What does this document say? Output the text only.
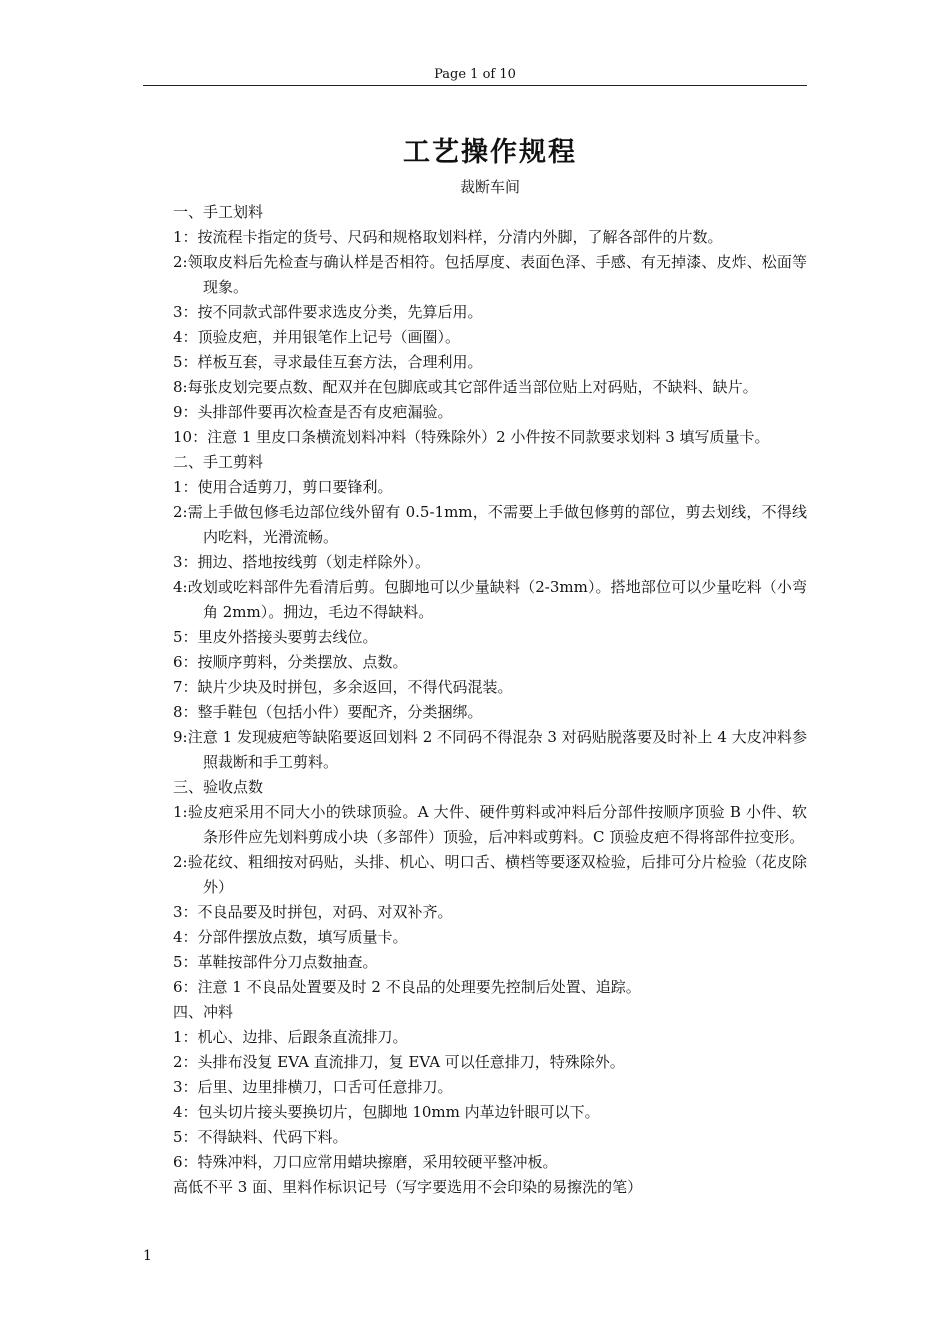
Page 1 of 10
工艺操作规程
裁断车间
一、手工划料
1：按流程卡指定的货号、尺码和规格取划料样，分清内外脚，了解各部件的片数。
2:领取皮料后先检查与确认样是否相符。包括厚度、表面色泽、手感、有无掉漆、皮炸、松面等现象。
3：按不同款式部件要求选皮分类，先算后用。
4：顶验皮疤，并用银笔作上记号（画圈）。
5：样板互套，寻求最佳互套方法，合理利用。
8:每张皮划完要点数、配双并在包脚底或其它部件适当部位贴上对码贴，不缺料、缺片。
9：头排部件要再次检查是否有皮疤漏验。
10：注意 1 里皮口条横流划料冲料（特殊除外）2 小件按不同款要求划料 3 填写质量卡。
二、手工剪料
1：使用合适剪刀，剪口要锋利。
2:需上手做包修毛边部位线外留有 0.5-1mm，不需要上手做包修剪的部位，剪去划线，不得线内吃料，光滑流畅。
3：拥边、搭地按线剪（划走样除外）。
4:改划或吃料部件先看清后剪。包脚地可以少量缺料（2-3mm）。搭地部位可以少量吃料（小弯角 2mm）。拥边，毛边不得缺料。
5：里皮外搭接头要剪去线位。
6：按顺序剪料，分类摆放、点数。
7：缺片少块及时拼包，多余返回，不得代码混装。
8：整手鞋包（包括小件）要配齐，分类捆绑。
9:注意 1 发现疲疤等缺陷要返回划料 2 不同码不得混杂 3 对码贴脱落要及时补上 4 大皮冲料参照裁断和手工剪料。
三、验收点数
1:验皮疤采用不同大小的铁球顶验。A 大件、硬件剪料或冲料后分部件按顺序顶验 B 小件、软条形件应先划料剪成小块（多部件）顶验，后冲料或剪料。C 顶验皮疤不得将部件拉变形。
2:验花纹、粗细按对码贴，头排、机心、明口舌、横档等要逐双检验，后排可分片检验（花皮除外）
3：不良品要及时拼包，对码、对双补齐。
4：分部件摆放点数，填写质量卡。
5：革鞋按部件分刀点数抽查。
6：注意 1 不良品处置要及时 2 不良品的处理要先控制后处置、追踪。
四、冲料
1：机心、边排、后跟条直流排刀。
2：头排布没复 EVA 直流排刀，复 EVA 可以任意排刀，特殊除外。
3：后里、边里排横刀，口舌可任意排刀。
4：包头切片接头要换切片，包脚地 10mm 内革边针眼可以下。
5：不得缺料、代码下料。
6：特殊冲料，刀口应常用蜡块擦磨，采用较硬平整冲板。
高低不平 3 面、里料作标识记号（写字要选用不会印染的易擦洗的笔）
1
